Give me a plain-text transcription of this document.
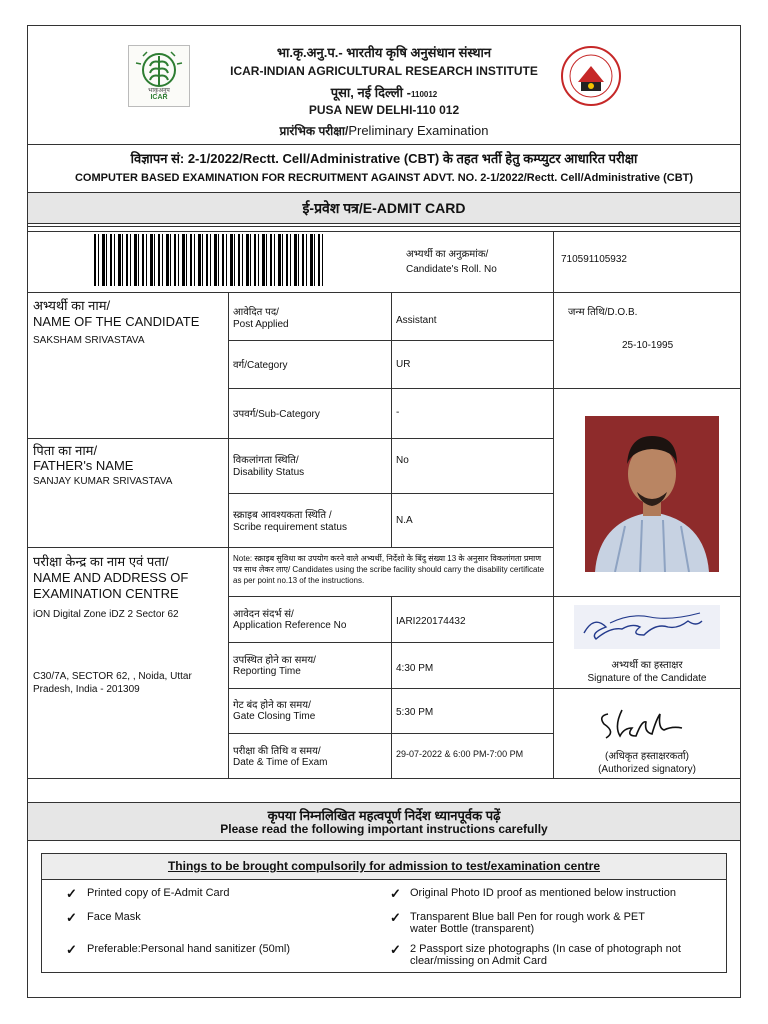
भाकृअनुप
ICAR
भा.कृ.अनु.प.- भारतीय कृषि अनुसंधान संस्थान
ICAR-INDIAN AGRICULTURAL RESEARCH INSTITUTE
पूसा, नई दिल्ली -110012
PUSA NEW DELHI-110 012
प्रारंभिक परीक्षा/Preliminary Examination
विज्ञापन सं: 2-1/2022/Rectt. Cell/Administrative (CBT) के तहत भर्ती हेतु कम्प्युटर आधारित परीक्षा
COMPUTER BASED EXAMINATION FOR RECRUITMENT AGAINST ADVT. NO. 2-1/2022/Rectt. Cell/Administrative (CBT)
ई-प्रवेश पत्र/E-ADMIT CARD
अभ्यर्थी का अनुक्रमांक/
Candidate's Roll. No
710591105932
अभ्यर्थी का नाम/
NAME OF THE CANDIDATE
SAKSHAM SRIVASTAVA
पिता का नाम/
FATHER's NAME
SANJAY KUMAR SRIVASTAVA
परीक्षा केन्द्र का नाम एवं पता/
NAME AND ADDRESS OF EXAMINATION CENTRE
iON Digital Zone iDZ 2 Sector 62
C30/7A, SECTOR 62, , Noida, Uttar Pradesh, India - 201309
आवेदित पद/
Post Applied	Assistant
वर्ग/Category	UR
उपवर्ग/Sub-Category	-
विकलांगता स्थिति/
Disability Status
No
स्क्राइब आवश्यकता स्थिति /
Scribe requirement status
N.A
Note: स्क्राइब सुविधा का उपयोग करने वाले अभ्यर्थी, निर्देशो के बिंदु संख्या 13 के अनुसार विकलांगता प्रमाण पत्र साथ लेकर लाए/ Candidates using the scribe facility should carry the disability certificate as per point no.13 of the instructions.
आवेदन संदर्भ सं/
Application Reference No	IARI220174432
उपस्थित होने का समय/
Reporting Time	4:30 PM
गेट बंद होने का समय/
Gate Closing Time	5:30 PM
परीक्षा की तिथि व समय/
Date & Time of Exam
29-07-2022 & 6:00 PM-7:00 PM
जन्म तिथि/D.O.B.
25-10-1995
अभ्यर्थी का हस्ताक्षर
Signature of the Candidate
(अधिकृत हस्ताक्षरकर्ता)
(Authorized signatory)
कृपया निम्नलिखित महत्वपूर्ण निर्देश ध्यानपूर्वक पढ़ें
Please read the following important instructions carefully
Things to be brought compulsorily for admission to test/examination centre
✓ Printed copy of E-Admit Card
✓ Face Mask
✓ Preferable:Personal hand sanitizer (50ml)
✓ Original Photo ID proof as mentioned below instruction
✓ Transparent Blue ball Pen for rough work & PET water Bottle (transparent)
✓ 2 Passport size photographs (In case of photograph not clear/missing on Admit Card
